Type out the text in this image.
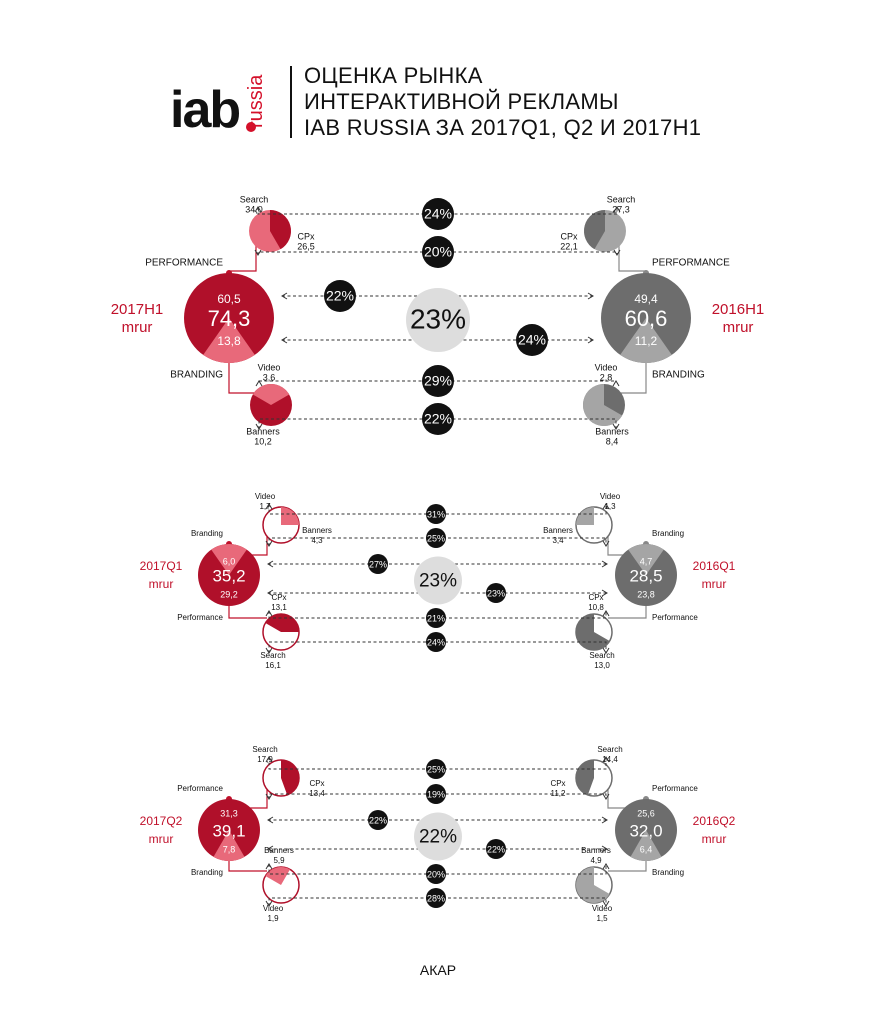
iab russia ОЦЕНКА РЫНКА
ИНТЕРАКТИВНОЙ РЕКЛАМЫ
IAB RUSSIA ЗА 2017Q1, Q2 И 2017H1
74,3
60,5
13,8
2017H1
mrur
PERFORMANCE
BRANDING
Search
34,0
CPx
26,5
Video
3,6
Banners
10,2
60,6
49,4
11,2
2016H1
mrur
PERFORMANCE
BRANDING
Search
27,3
CPx
22,1
Video
2,8
Banners
8,4
24%
20%
22%
24%
29%
22%
23%
35,2
6,0
29,2
2017Q1
mrur
Branding
Performance
Video
1,7
Banners
4,3
CPx
13,1
Search
16,1
28,5
4,7
23,8
2016Q1
mrur
Branding
Performance
Video
1,3
Banners
3,4
CPx
10,8
Search
13,0
31%
25%
27%
23%
21%
24%
23%
39,1
31,3
7,8
2017Q2
mrur
Performance
Branding
Search
17,9
CPx
13,4
Banners
5,9
Video
1,9
32,0
25,6
6,4
2016Q2
mrur
Performance
Branding
Search
14,4
CPx
11,2
Banners
4,9
Video
1,5
25%
19%
22%
22%
20%
28%
22%
АКАР
